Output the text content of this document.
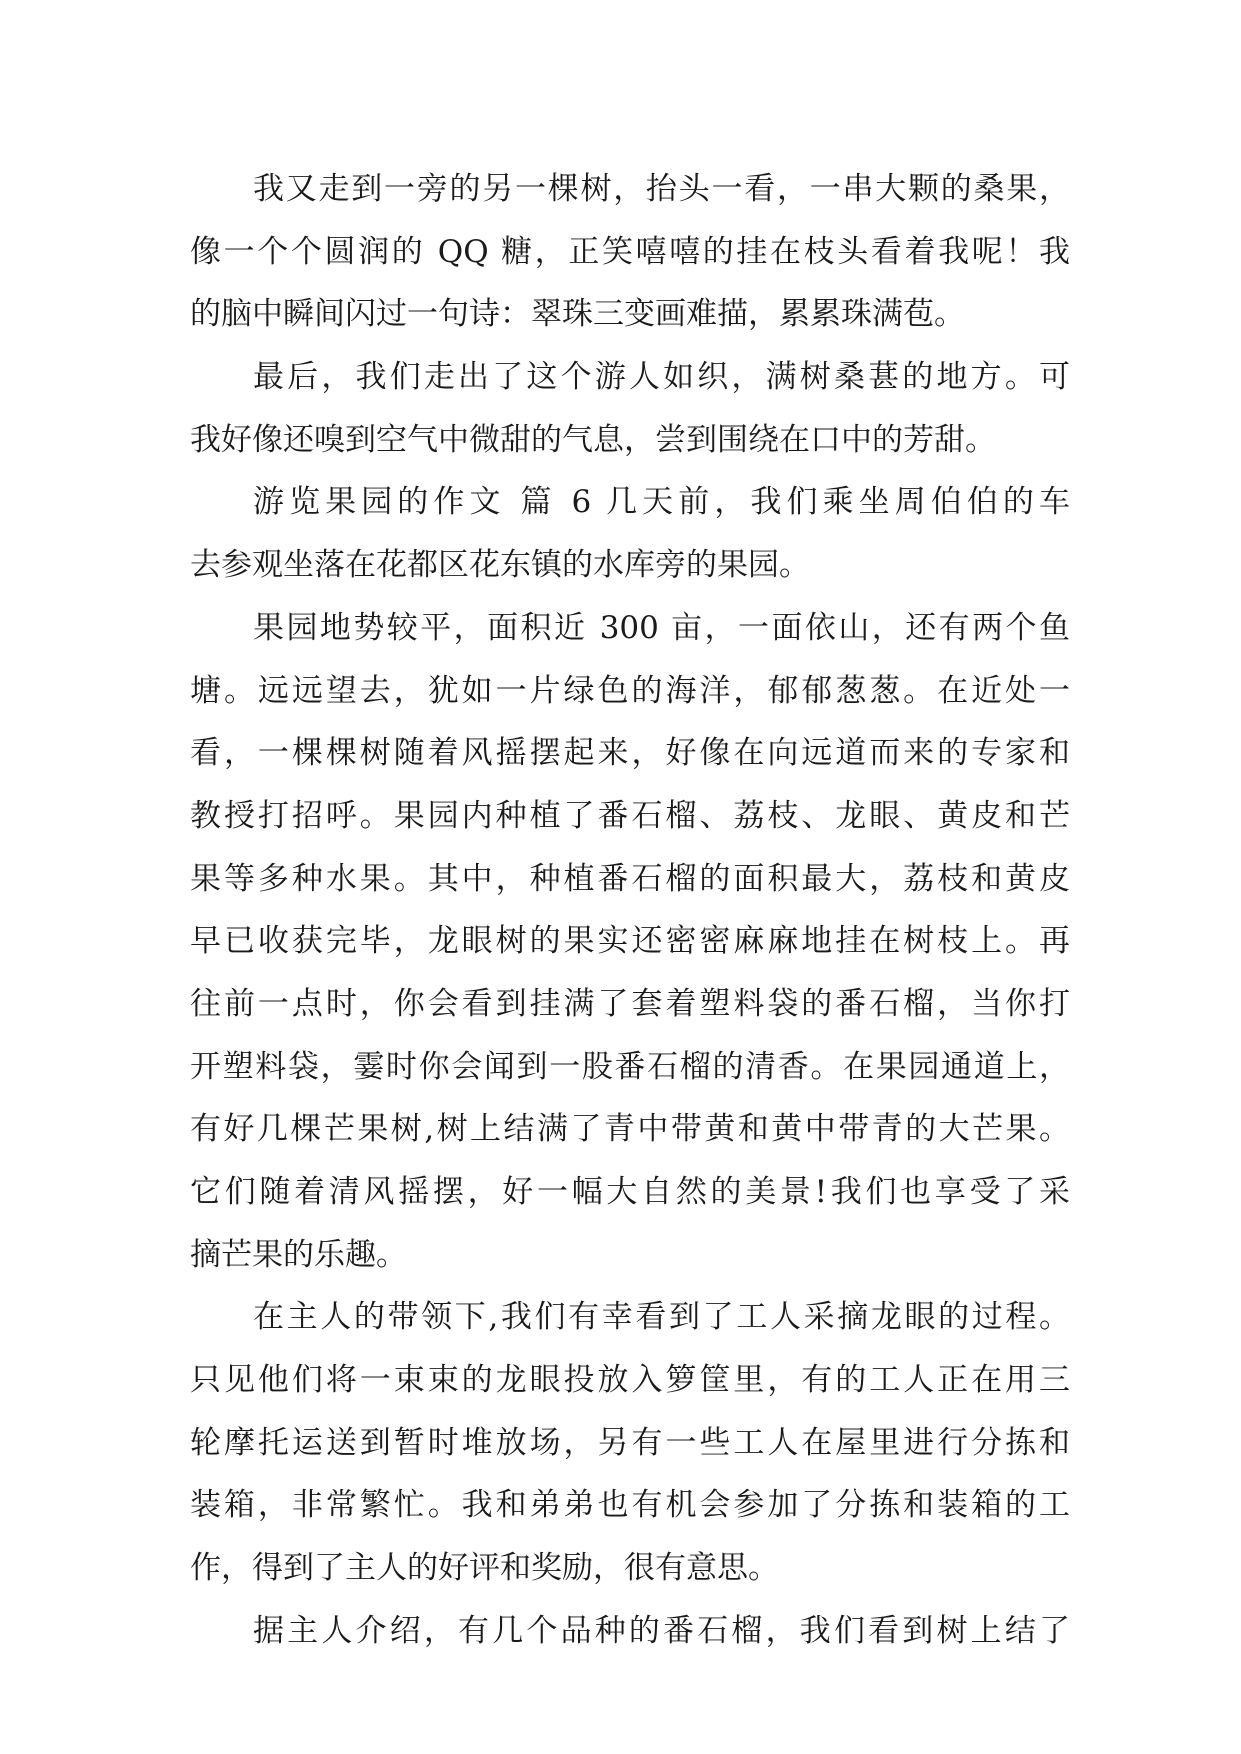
我又走到一旁的另一棵树，抬头一看，一串大颗的桑果，
像一个个圆润的 QQ 糖，正笑嘻嘻的挂在枝头看着我呢！我
的脑中瞬间闪过一句诗：翠珠三变画难描，累累珠满苞。
最后，我们走出了这个游人如织，满树桑葚的地方。可
我好像还嗅到空气中微甜的气息，尝到围绕在口中的芳甜。
游览果园的作文 篇 6 几天前，我们乘坐周伯伯的车
去参观坐落在花都区花东镇的水库旁的果园。
果园地势较平，面积近 300 亩，一面依山，还有两个鱼
塘。远远望去，犹如一片绿色的海洋，郁郁葱葱。在近处一
看，一棵棵树随着风摇摆起来，好像在向远道而来的专家和
教授打招呼。果园内种植了番石榴、荔枝、龙眼、黄皮和芒
果等多种水果。其中，种植番石榴的面积最大，荔枝和黄皮
早已收获完毕，龙眼树的果实还密密麻麻地挂在树枝上。再
往前一点时，你会看到挂满了套着塑料袋的番石榴，当你打
开塑料袋，霎时你会闻到一股番石榴的清香。在果园通道上，
有好几棵芒果树,树上结满了青中带黄和黄中带青的大芒果。
它们随着清风摇摆，好一幅大自然的美景!我们也享受了采
摘芒果的乐趣。
在主人的带领下,我们有幸看到了工人采摘龙眼的过程。
只见他们将一束束的龙眼投放入箩筐里，有的工人正在用三
轮摩托运送到暂时堆放场，另有一些工人在屋里进行分拣和
装箱，非常繁忙。我和弟弟也有机会参加了分拣和装箱的工
作，得到了主人的好评和奖励，很有意思。
据主人介绍，有几个品种的番石榴，我们看到树上结了
